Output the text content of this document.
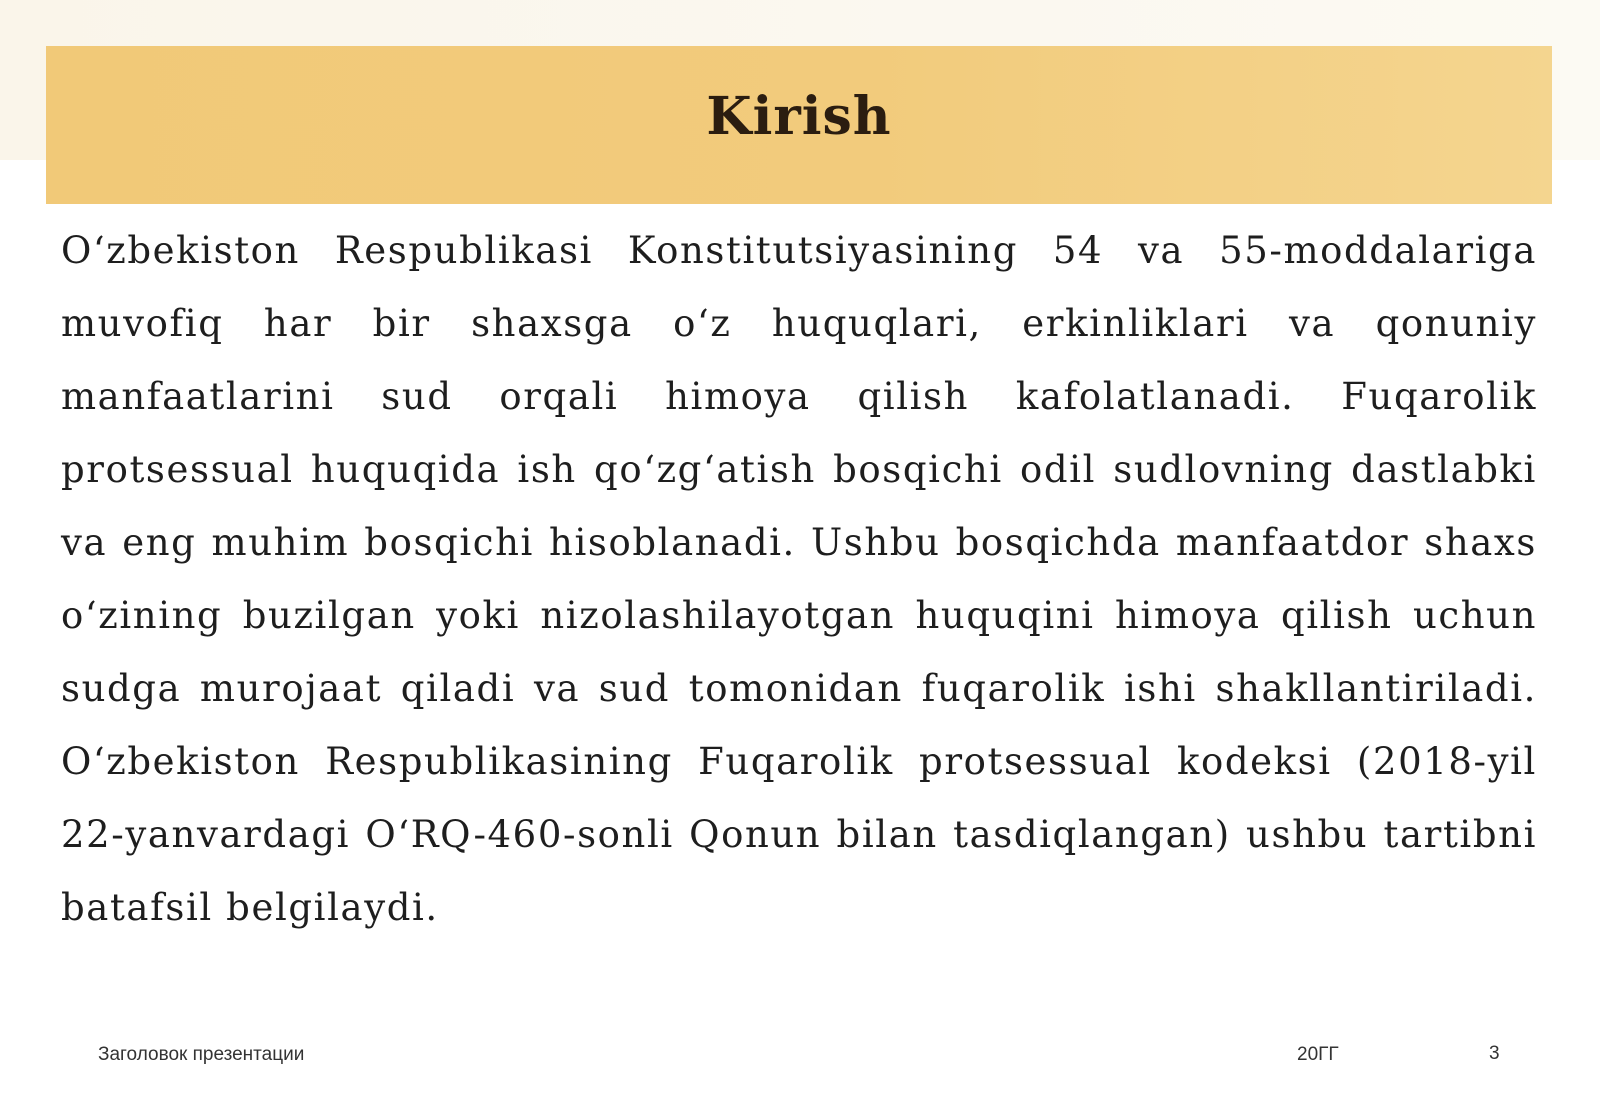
Kirish

O‘zbekiston Respublikasi Konstitutsiyasining 54 va 55-moddalariga muvofiq har bir shaxsga o‘z huquqlari, erkinliklari va qonuniy manfaatlarini sud orqali himoya qilish kafolatlanadi. Fuqarolik protsessual huquqida ish qo‘zg‘atish bosqichi odil sudlovning dastlabki va eng muhim bosqichi hisoblanadi. Ushbu bosqichda manfaatdor shaxs o‘zining buzilgan yoki nizolashilayotgan huquqini himoya qilish uchun sudga murojaat qiladi va sud tomonidan fuqarolik ishi shakllantiriladi. O‘zbekiston Respublikasining Fuqarolik protsessual kodeksi (2018-yil 22-yanvardagi O‘RQ-460-sonli Qonun bilan tasdiqlangan) ushbu tartibni batafsil belgilaydi.

Заголовок презентации	20ГГ	3
